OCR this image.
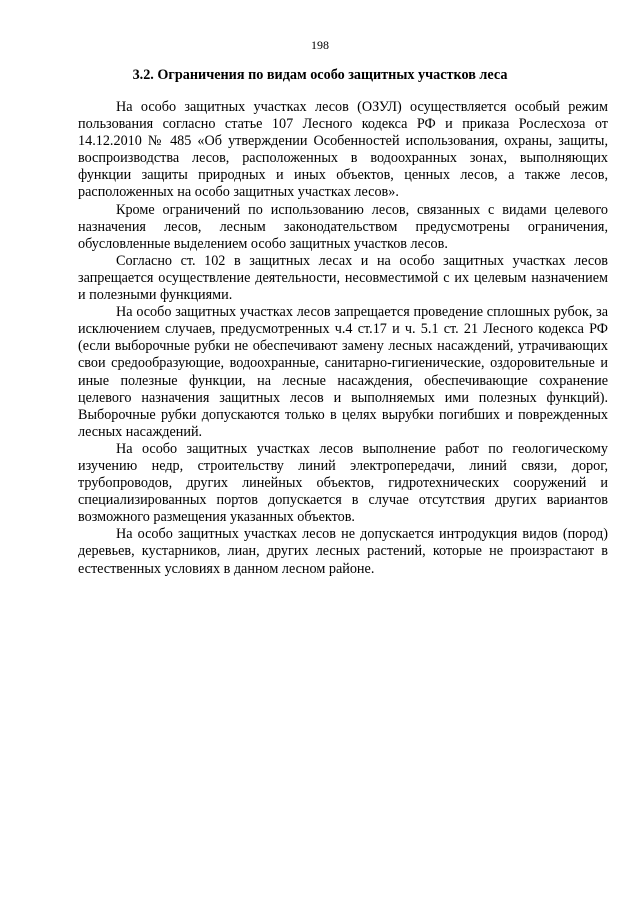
198
3.2. Ограничения по видам особо защитных участков леса

На особо защитных участках лесов (ОЗУЛ) осуществляется особый режим пользования согласно статье 107 Лесного кодекса РФ и приказа Рослесхоза от 14.12.2010 № 485 «Об утверждении Особенностей использования, охраны, защиты, воспроизводства лесов, расположенных в водоохранных зонах, выполняющих функции защиты природных и иных объектов, ценных лесов, а также лесов, расположенных на особо защитных участках лесов».

Кроме ограничений по использованию лесов, связанных с видами целевого назначения лесов, лесным законодательством предусмотрены ограничения, обусловленные выделением особо защитных участков лесов.

Согласно ст. 102 в защитных лесах и на особо защитных участках лесов запрещается осуществление деятельности, несовместимой с их целевым назначением и полезными функциями.

На особо защитных участках лесов запрещается проведение сплошных рубок, за исключением случаев, предусмотренных ч.4 ст.17 и ч. 5.1 ст. 21 Лесного кодекса РФ (если выборочные рубки не обеспечивают замену лесных насаждений, утрачивающих свои средообразующие, водоохранные, санитарно-гигиенические, оздоровительные и иные полезные функции, на лесные насаждения, обеспечивающие сохранение целевого назначения защитных лесов и выполняемых ими полезных функций). Выборочные рубки допускаются только в целях вырубки погибших и поврежденных лесных насаждений.

На особо защитных участках лесов выполнение работ по геологическому изучению недр, строительству линий электропередачи, линий связи, дорог, трубопроводов, других линейных объектов, гидротехнических сооружений и специализированных портов допускается в случае отсутствия других вариантов возможного размещения указанных объектов.

На особо защитных участках лесов не допускается интродукция видов (пород) деревьев, кустарников, лиан, других лесных растений, которые не произрастают в естественных условиях в данном лесном районе.
